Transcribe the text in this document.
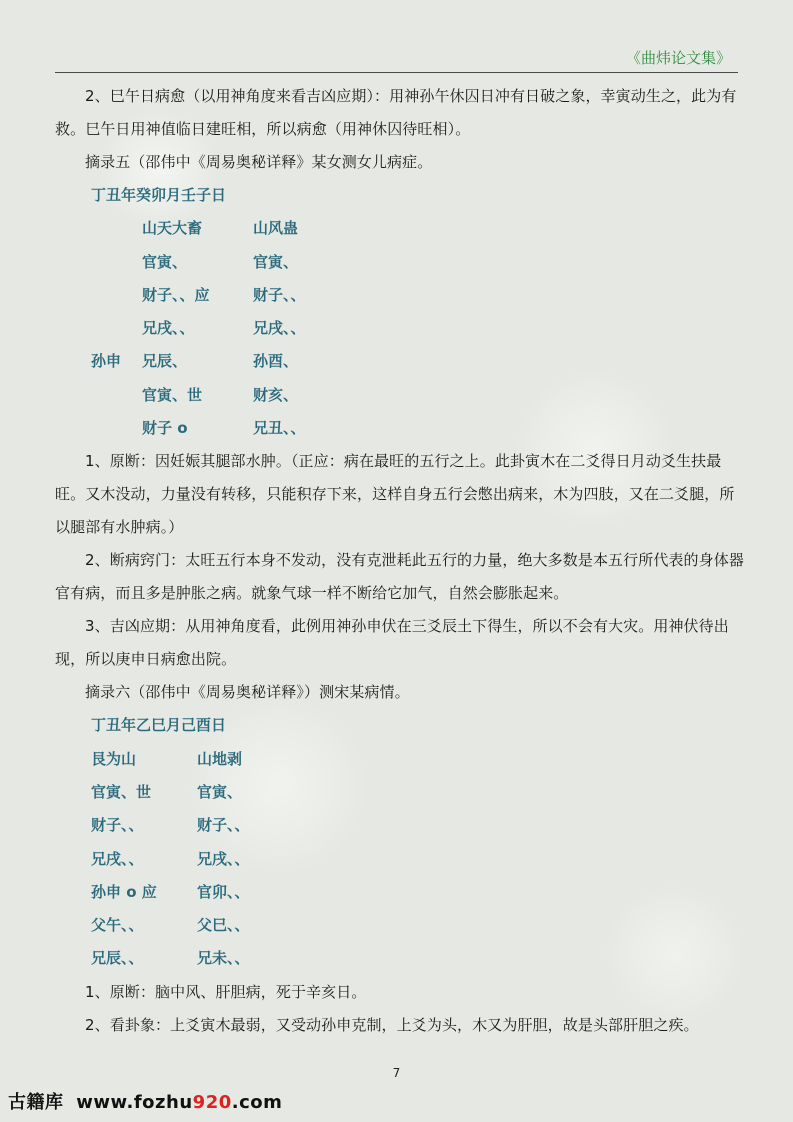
《曲炜论文集》

2、巳午日病愈（以用神角度来看吉凶应期）：用神孙午休囚日冲有日破之象，幸寅动生之，此为有救。巳午日用神值临日建旺相，所以病愈（用神休囚待旺相）。

摘录五（邵伟中《周易奥秘详释》某女测女儿病症。

丁丑年癸卯月壬子日
山天大畜	山风蛊
官寅、	官寅、
财子、、应	财子、、
兄戌、、	兄戌、、
孙申 兄辰、	孙酉、
官寅、世	财亥、
财子 o	兄丑、、

1、原断：因妊娠其腿部水肿。（正应：病在最旺的五行之上。此卦寅木在二爻得日月动爻生扶最旺。又木没动，力量没有转移，只能积存下来，这样自身五行会憋出病来，木为四肢，又在二爻腿，所以腿部有水肿病。）

2、断病窍门：太旺五行本身不发动，没有克泄耗此五行的力量，绝大多数是本五行所代表的身体器官有病，而且多是肿胀之病。就象气球一样不断给它加气，自然会膨胀起来。

3、吉凶应期：从用神角度看，此例用神孙申伏在三爻辰土下得生，所以不会有大灾。用神伏待出现，所以庚申日病愈出院。

摘录六（邵伟中《周易奥秘详释》）测宋某病情。

丁丑年乙巳月己酉日
艮为山	山地剥
官寅、世	官寅、
财子、、	财子、、
兄戌、、	兄戌、、
孙申 o 应	官卯、、
父午、、	父巳、、
兄辰、、	兄未、、

1、原断：脑中风、肝胆病，死于辛亥日。

2、看卦象：上爻寅木最弱，又受动孙申克制，上爻为头，木又为肝胆，故是头部肝胆之疾。

7
古籍库 www.fozhu920.com
